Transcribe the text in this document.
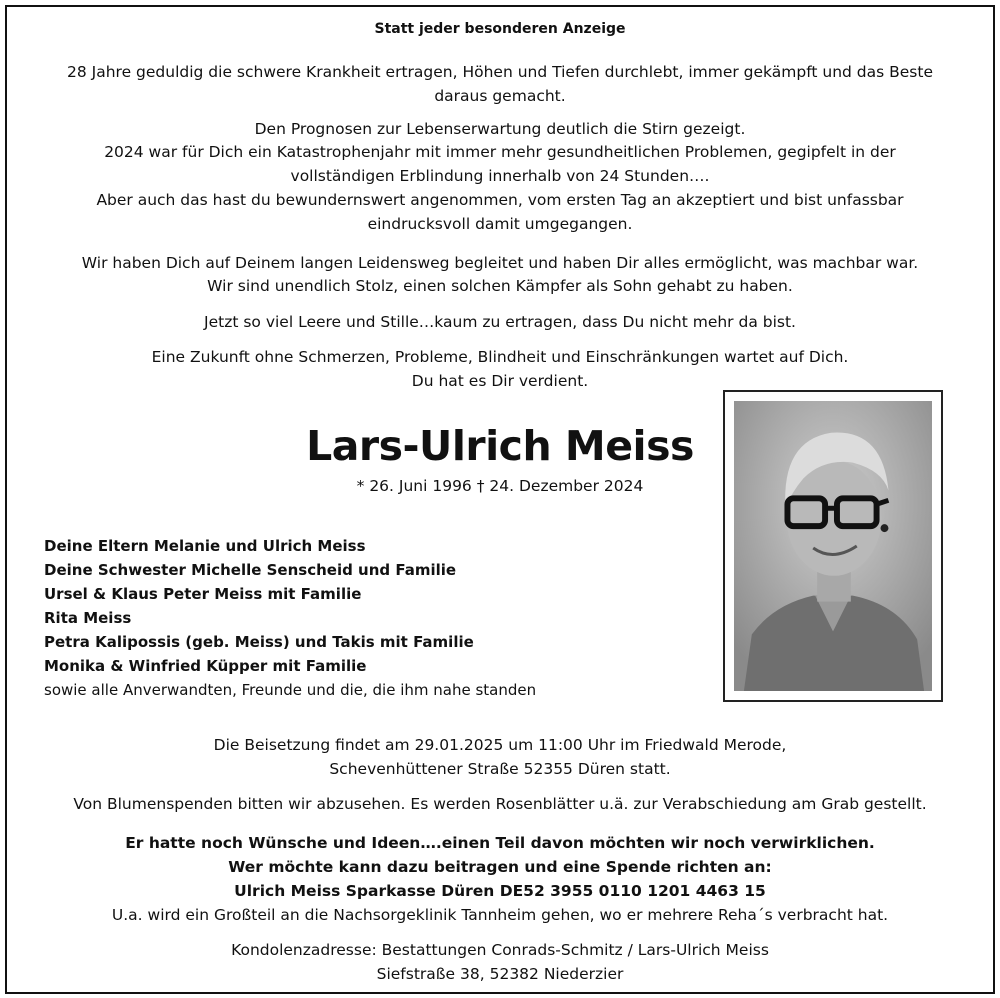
Statt jeder besonderen Anzeige
28 Jahre geduldig die schwere Krankheit ertragen, Höhen und Tiefen durchlebt, immer gekämpft und das Beste
daraus gemacht.
Den Prognosen zur Lebenserwartung deutlich die Stirn gezeigt.
2024 war für Dich ein Katastrophenjahr mit immer mehr gesundheitlichen Problemen, gegipfelt in der
vollständigen Erblindung innerhalb von 24 Stunden….
Aber auch das hast du bewundernswert angenommen, vom ersten Tag an akzeptiert und bist unfassbar
eindrucksvoll damit umgegangen.
Wir haben Dich auf Deinem langen Leidensweg begleitet und haben Dir alles ermöglicht, was machbar war.
Wir sind unendlich Stolz, einen solchen Kämpfer als Sohn gehabt zu haben.
Jetzt so viel Leere und Stille…kaum zu ertragen, dass Du nicht mehr da bist.
Eine Zukunft ohne Schmerzen, Probleme, Blindheit und Einschränkungen wartet auf Dich.
Du hat es Dir verdient.
Lars-Ulrich Meiss
* 26. Juni 1996 † 24. Dezember 2024
Deine Eltern Melanie und Ulrich Meiss
Deine Schwester Michelle Senscheid und Familie
Ursel & Klaus Peter Meiss mit Familie
Rita Meiss
Petra Kalipossis (geb. Meiss) und Takis mit Familie
Monika & Winfried Küpper mit Familie
sowie alle Anverwandten, Freunde und die, die ihm nahe standen
Die Beisetzung findet am 29.01.2025 um 11:00 Uhr im Friedwald Merode,
Schevenhüttener Straße 52355 Düren statt.
Von Blumenspenden bitten wir abzusehen. Es werden Rosenblätter u.ä. zur Verabschiedung am Grab gestellt.
Er hatte noch Wünsche und Ideen….einen Teil davon möchten wir noch verwirklichen.
Wer möchte kann dazu beitragen und eine Spende richten an:
Ulrich Meiss Sparkasse Düren DE52 3955 0110 1201 4463 15
U.a. wird ein Großteil an die Nachsorgeklinik Tannheim gehen, wo er mehrere Reha´s verbracht hat.
Kondolenzadresse: Bestattungen Conrads-Schmitz / Lars-Ulrich Meiss
Siefstraße 38, 52382 Niederzier
